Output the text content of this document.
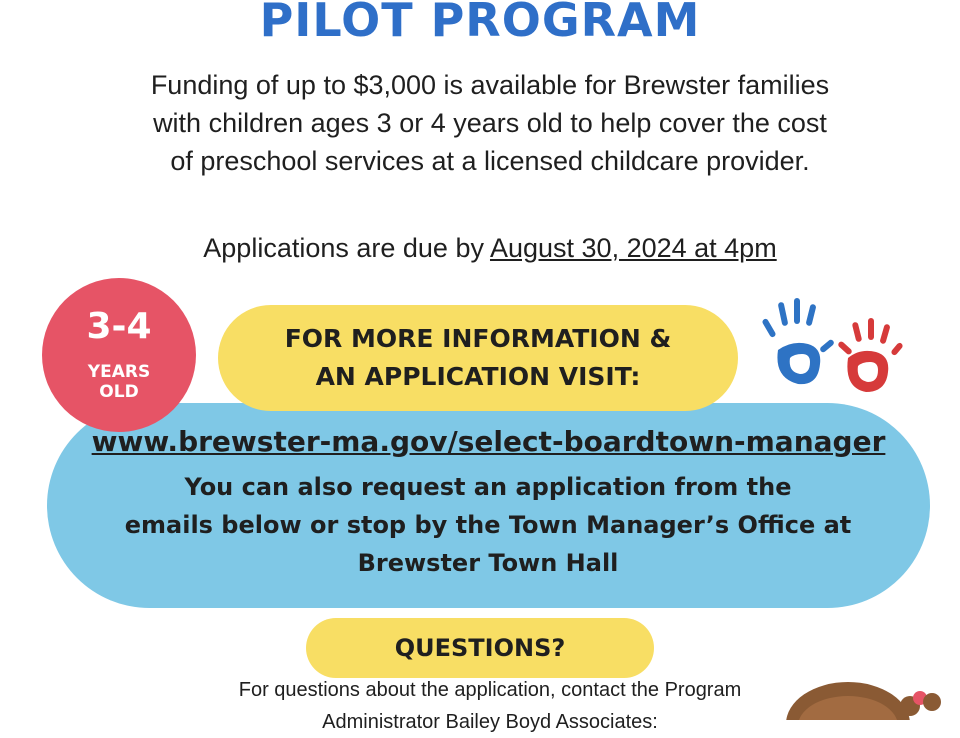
PILOT PROGRAM
Funding of up to $3,000 is available for Brewster families
with children ages 3 or 4 years old to help cover the cost
of preschool services at a licensed childcare provider.
Applications are due by August 30, 2024 at 4pm
3-4
YEARS
OLD
FOR MORE INFORMATION &
AN APPLICATION VISIT:
www.brewster-ma.gov/select-boardtown-manager
You can also request an application from the
emails below or stop by the Town Manager’s Office at
Brewster Town Hall
QUESTIONS?
For questions about the application, contact the Program
Administrator Bailey Boyd Associates:
